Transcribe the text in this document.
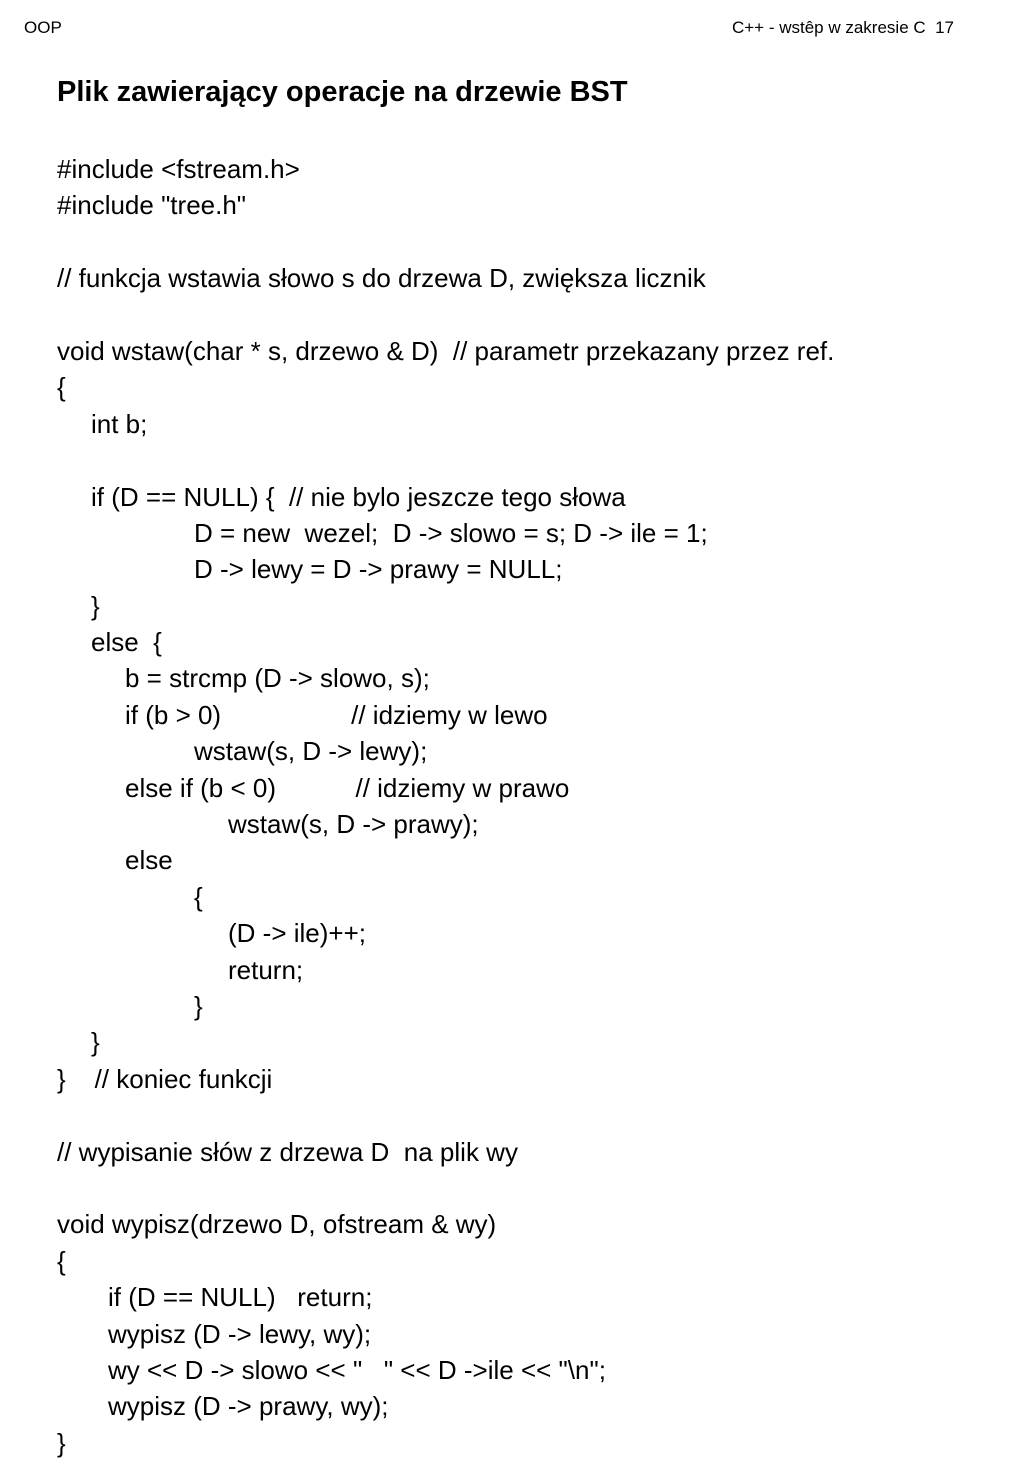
OOP	C++ - wstêp w zakresie C  17
Plik zawierający operacje na drzewie BST
#include <fstream.h>
#include "tree.h"
// funkcja wstawia słowo s do drzewa D, zwiększa licznik
void wstaw(char * s, drzewo & D)  // parametr przekazany przez ref.
{
int b;
if (D == NULL) {  // nie bylo jeszcze tego słowa
D = new  wezel;  D -> slowo = s; D -> ile = 1;
D -> lewy = D -> prawy = NULL;
}
else  {
b = strcmp (D -> slowo, s);
if (b > 0)                  // idziemy w lewo
wstaw(s, D -> lewy);
else if (b < 0)           // idziemy w prawo
wstaw(s, D -> prawy);
else
{
(D -> ile)++;
return;
}
}
}    // koniec funkcji
// wypisanie słów z drzewa D  na plik wy
void wypisz(drzewo D, ofstream & wy)
{
if (D == NULL)   return;
wypisz (D -> lewy, wy);
wy << D -> slowo << "   " << D ->ile << "\n";
wypisz (D -> prawy, wy);
}
